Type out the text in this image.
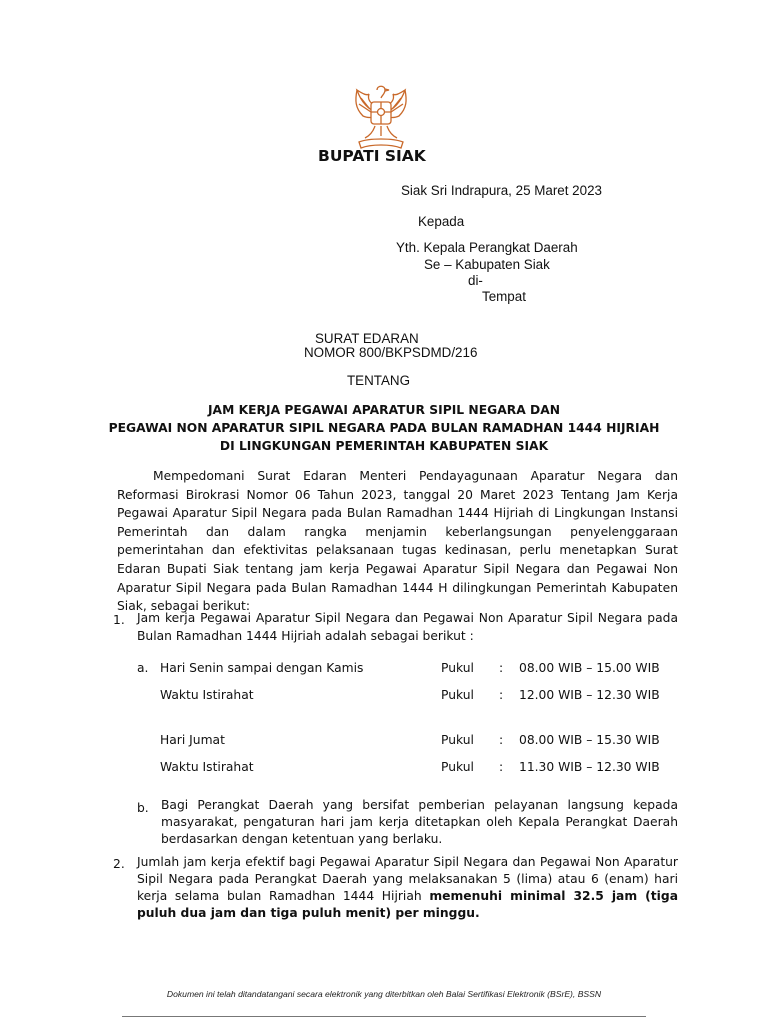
BUPATI SIAK
Siak Sri Indrapura, 25 Maret 2023
Kepada
Yth. Kepala Perangkat Daerah
Se – Kabupaten Siak
di-
Tempat
SURAT EDARAN
NOMOR 800/BKPSDMD/216
TENTANG
JAM KERJA PEGAWAI APARATUR SIPIL NEGARA DAN
PEGAWAI NON APARATUR SIPIL NEGARA PADA BULAN RAMADHAN 1444 HIJRIAH
DI LINGKUNGAN PEMERINTAH KABUPATEN SIAK
Mempedomani Surat Edaran Menteri Pendayagunaan Aparatur Negara dan Reformasi Birokrasi Nomor 06 Tahun 2023, tanggal 20 Maret 2023 Tentang Jam Kerja Pegawai Aparatur Sipil Negara pada Bulan Ramadhan 1444 Hijriah di Lingkungan Instansi Pemerintah dan dalam rangka menjamin keberlangsungan penyelenggaraan pemerintahan dan efektivitas pelaksanaan tugas kedinasan, perlu menetapkan Surat Edaran Bupati Siak tentang jam kerja Pegawai Aparatur Sipil Negara dan Pegawai Non Aparatur Sipil Negara pada Bulan Ramadhan 1444 H dilingkungan Pemerintah Kabupaten Siak, sebagai berikut:
1. Jam kerja Pegawai Aparatur Sipil Negara dan Pegawai Non Aparatur Sipil Negara pada Bulan Ramadhan 1444 Hijriah adalah sebagai berikut :
a. Hari Senin sampai dengan Kamis	Pukul : 08.00 WIB – 15.00 WIB
Waktu Istirahat	Pukul : 12.00 WIB – 12.30 WIB
Hari Jumat	Pukul : 08.00 WIB – 15.30 WIB
Waktu Istirahat	Pukul : 11.30 WIB – 12.30 WIB
b. Bagi Perangkat Daerah yang bersifat pemberian pelayanan langsung kepada masyarakat, pengaturan hari jam kerja ditetapkan oleh Kepala Perangkat Daerah berdasarkan dengan ketentuan yang berlaku.
2. Jumlah jam kerja efektif bagi Pegawai Aparatur Sipil Negara dan Pegawai Non Aparatur Sipil Negara pada Perangkat Daerah yang melaksanakan 5 (lima) atau 6 (enam) hari kerja selama bulan Ramadhan 1444 Hijriah memenuhi minimal 32.5 jam (tiga puluh dua jam dan tiga puluh menit) per minggu.
Dokumen ini telah ditandatangani secara elektronik yang diterbitkan oleh Balai Sertifikasi Elektronik (BSrE), BSSN
